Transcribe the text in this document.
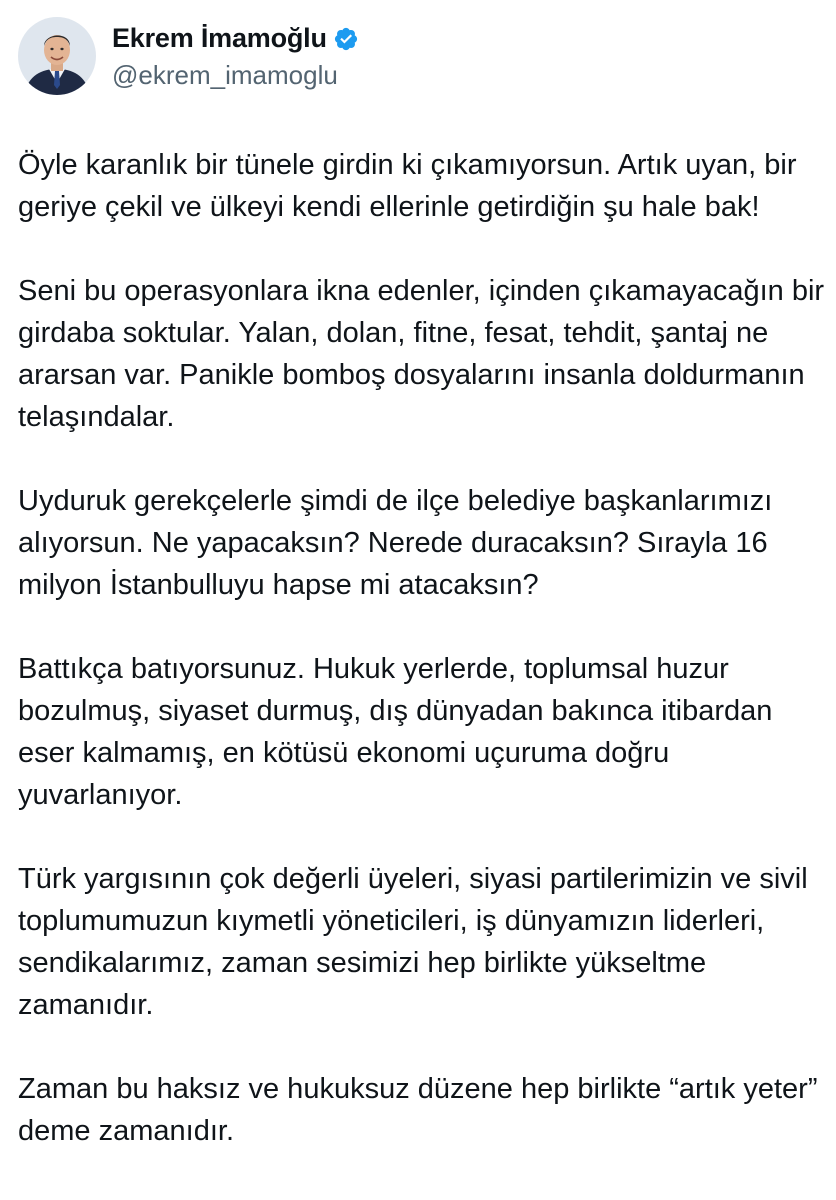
Ekrem İmamoğlu
@ekrem_imamoglu

Öyle karanlık bir tünele girdin ki çıkamıyorsun. Artık uyan, bir geriye çekil ve ülkeyi kendi ellerinle getirdiğin şu hale bak!

Seni bu operasyonlara ikna edenler, içinden çıkamayacağın bir girdaba soktular. Yalan, dolan, fitne, fesat, tehdit, şantaj ne ararsan var. Panikle bomboş dosyalarını insanla doldurmanın telaşındalar.

Uyduruk gerekçelerle şimdi de ilçe belediye başkanlarımızı alıyorsun. Ne yapacaksın? Nerede duracaksın? Sırayla 16 milyon İstanbulluyu hapse mi atacaksın?

Battıkça batıyorsunuz. Hukuk yerlerde, toplumsal huzur bozulmuş, siyaset durmuş, dış dünyadan bakınca itibardan eser kalmamış, en kötüsü ekonomi uçuruma doğru yuvarlanıyor.

Türk yargısının çok değerli üyeleri, siyasi partilerimizin ve sivil toplumumuzun kıymetli yöneticileri, iş dünyamızın liderleri, sendikalarımız, zaman sesimizi hep birlikte yükseltme zamanıdır.

Zaman bu haksız ve hukuksuz düzene hep birlikte “artık yeter” deme zamanıdır.
